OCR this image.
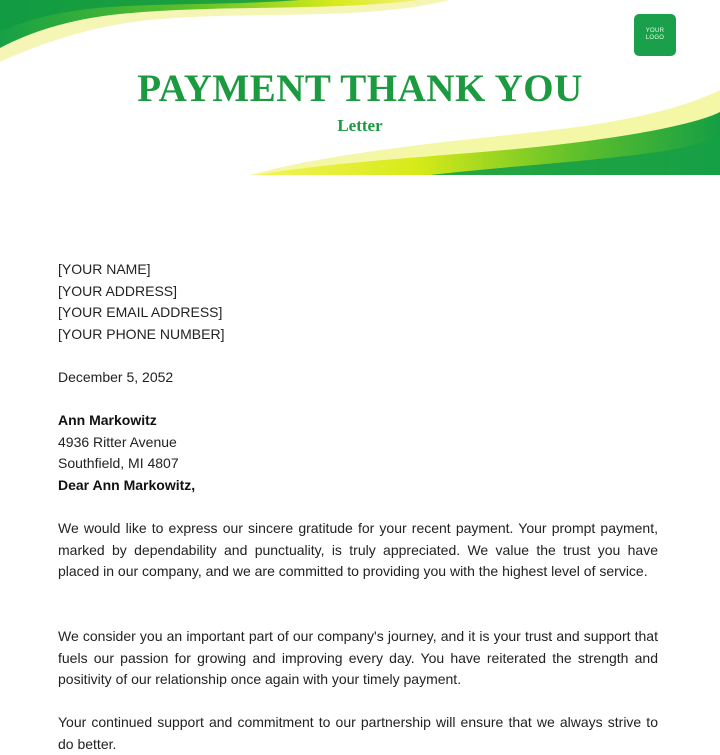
YOUR
LOGO
PAYMENT THANK YOU
Letter
[YOUR NAME]
[YOUR ADDRESS]
[YOUR EMAIL ADDRESS]
[YOUR PHONE NUMBER]
December 5, 2052
Ann Markowitz
4936 Ritter Avenue
Southfield, MI 4807
Dear Ann Markowitz,
We would like to express our sincere gratitude for your recent payment. Your prompt payment, marked by dependability and punctuality, is truly appreciated. We value the trust you have placed in our company, and we are committed to providing you with the highest level of service.
We consider you an important part of our company's journey, and it is your trust and support that fuels our passion for growing and improving every day. You have reiterated the strength and positivity of our relationship once again with your timely payment.
Your continued support and commitment to our partnership will ensure that we always strive to do better.
